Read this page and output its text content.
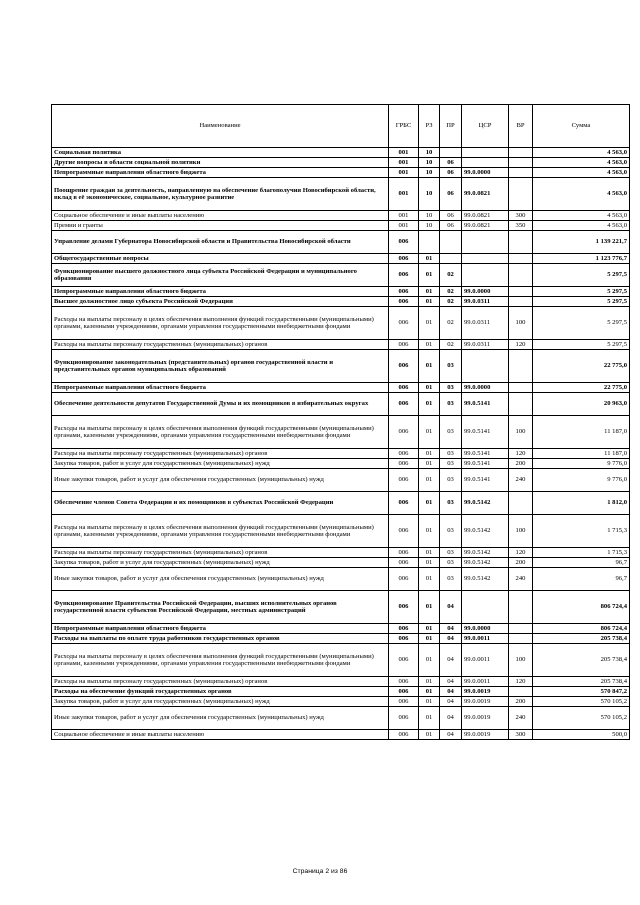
Наименование	ГРБС	РЗ	ПР	ЦСР	ВР	Сумма
Социальная политика	001	10				4 563,0
Другие вопросы в области социальной политики	001	10	06			4 563,0
Непрограммные направления областного бюджета	001	10	06	99.0.0000		4 563,0
Поощрение граждан за деятельность, направленную на обеспечение благополучия Новосибирской области, вклад в её экономическое, социальное, культурное развитие	001	10	06	99.0.0821		4 563,0
Социальное обеспечение и иные выплаты населению	001	10	06	99.0.0821	300	4 563,0
Премии и гранты	001	10	06	99.0.0821	350	4 563,0
Управление делами Губернатора Новосибирской области и Правительства Новосибирской области	006					1 139 221,7
Общегосударственные вопросы	006	01				1 123 776,7
Функционирование высшего должностного лица субъекта Российской Федерации и муниципального образования	006	01	02			5 297,5
Непрограммные направления областного бюджета	006	01	02	99.0.0000		5 297,5
Высшее должностное лицо субъекта Российской Федерации	006	01	02	99.0.0311		5 297,5
Расходы на выплаты персоналу в целях обеспечения выполнения функций государственными (муниципальными) органами, казенными учреждениями, органами управления государственными внебюджетными фондами	006	01	02	99.0.0311	100	5 297,5
Расходы на выплаты персоналу государственных (муниципальных) органов	006	01	02	99.0.0311	120	5 297,5
Функционирование законодательных (представительных) органов государственной власти и представительных органов муниципальных образований	006	01	03			22 775,0
Непрограммные направления областного бюджета	006	01	03	99.0.0000		22 775,0
Обеспечение деятельности депутатов Государственной Думы и их помощников в избирательных округах	006	01	03	99.0.5141		20 963,0
Расходы на выплаты персоналу в целях обеспечения выполнения функций государственными (муниципальными) органами, казенными учреждениями, органами управления государственными внебюджетными фондами	006	01	03	99.0.5141	100	11 187,0
Расходы на выплаты персоналу государственных (муниципальных) органов	006	01	03	99.0.5141	120	11 187,0
Закупка товаров, работ и услуг для государственных (муниципальных) нужд	006	01	03	99.0.5141	200	9 776,0
Иные закупки товаров, работ и услуг для обеспечения государственных (муниципальных) нужд	006	01	03	99.0.5141	240	9 776,0
Обеспечение членов Совета Федерации и их помощников в субъектах Российской Федерации	006	01	03	99.0.5142		1 812,0
Расходы на выплаты персоналу в целях обеспечения выполнения функций государственными (муниципальными) органами, казенными учреждениями, органами управления государственными внебюджетными фондами	006	01	03	99.0.5142	100	1 715,3
Расходы на выплаты персоналу государственных (муниципальных) органов	006	01	03	99.0.5142	120	1 715,3
Закупка товаров, работ и услуг для государственных (муниципальных) нужд	006	01	03	99.0.5142	200	96,7
Иные закупки товаров, работ и услуг для обеспечения государственных (муниципальных) нужд	006	01	03	99.0.5142	240	96,7
Функционирование Правительства Российской Федерации, высших исполнительных органов государственной власти субъектов Российской Федерации, местных администраций	006	01	04			806 724,4
Непрограммные направления областного бюджета	006	01	04	99.0.0000		806 724,4
Расходы на выплаты по оплате труда работников государственных органов	006	01	04	99.0.0011		205 738,4
Расходы на выплаты персоналу в целях обеспечения выполнения функций государственными (муниципальными) органами, казенными учреждениями, органами управления государственными внебюджетными фондами	006	01	04	99.0.0011	100	205 738,4
Расходы на выплаты персоналу государственных (муниципальных) органов	006	01	04	99.0.0011	120	205 738,4
Расходы на обеспечение функций государственных органов	006	01	04	99.0.0019		570 847,2
Закупка товаров, работ и услуг для государственных (муниципальных) нужд	006	01	04	99.0.0019	200	570 105,2
Иные закупки товаров, работ и услуг для обеспечения государственных (муниципальных) нужд	006	01	04	99.0.0019	240	570 105,2
Социальное обеспечение и иные выплаты населению	006	01	04	99.0.0019	300	500,0
Страница 2 из 86
